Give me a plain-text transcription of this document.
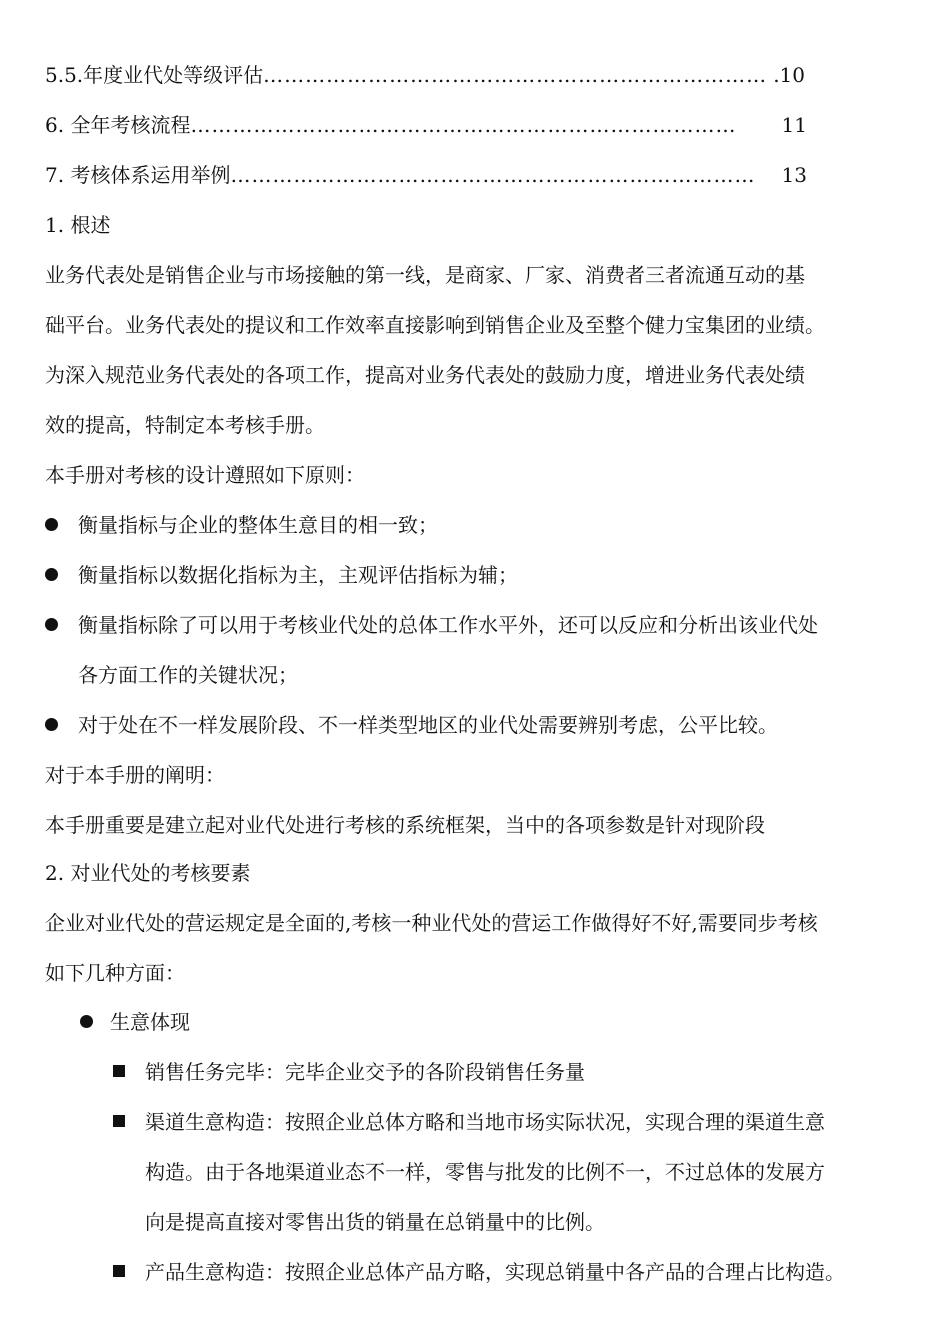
5.5.年度业代处等级评估 ……………………………………………………………… .10
6. 全年考核流程 ……………………………………………………………………	11
7. 考核体系运用举例 …………………………………………………………………	13
1. 根述
业务代表处是销售企业与市场接触的第一线，是商家、厂家、消费者三者流通互动的基
础平台。业务代表处的提议和工作效率直接影响到销售企业及至整个健力宝集团的业绩。
为深入规范业务代表处的各项工作，提高对业务代表处的鼓励力度，增进业务代表处绩
效的提高，特制定本考核手册。
本手册对考核的设计遵照如下原则：
衡量指标与企业的整体生意目的相一致；
衡量指标以数据化指标为主，主观评估指标为辅；
衡量指标除了可以用于考核业代处的总体工作水平外，还可以反应和分析出该业代处
各方面工作的关键状况；
对于处在不一样发展阶段、不一样类型地区的业代处需要辨别考虑，公平比较。
对于本手册的阐明：
本手册重要是建立起对业代处进行考核的系统框架，当中的各项参数是针对现阶段
2. 对业代处的考核要素
企业对业代处的营运规定是全面的,考核一种业代处的营运工作做得好不好,需要同步考核
如下几种方面：
生意体现
销售任务完毕：完毕企业交予的各阶段销售任务量
渠道生意构造：按照企业总体方略和当地市场实际状况，实现合理的渠道生意
构造。由于各地渠道业态不一样，零售与批发的比例不一，不过总体的发展方
向是提高直接对零售出货的销量在总销量中的比例。
产品生意构造：按照企业总体产品方略，实现总销量中各产品的合理占比构造。
